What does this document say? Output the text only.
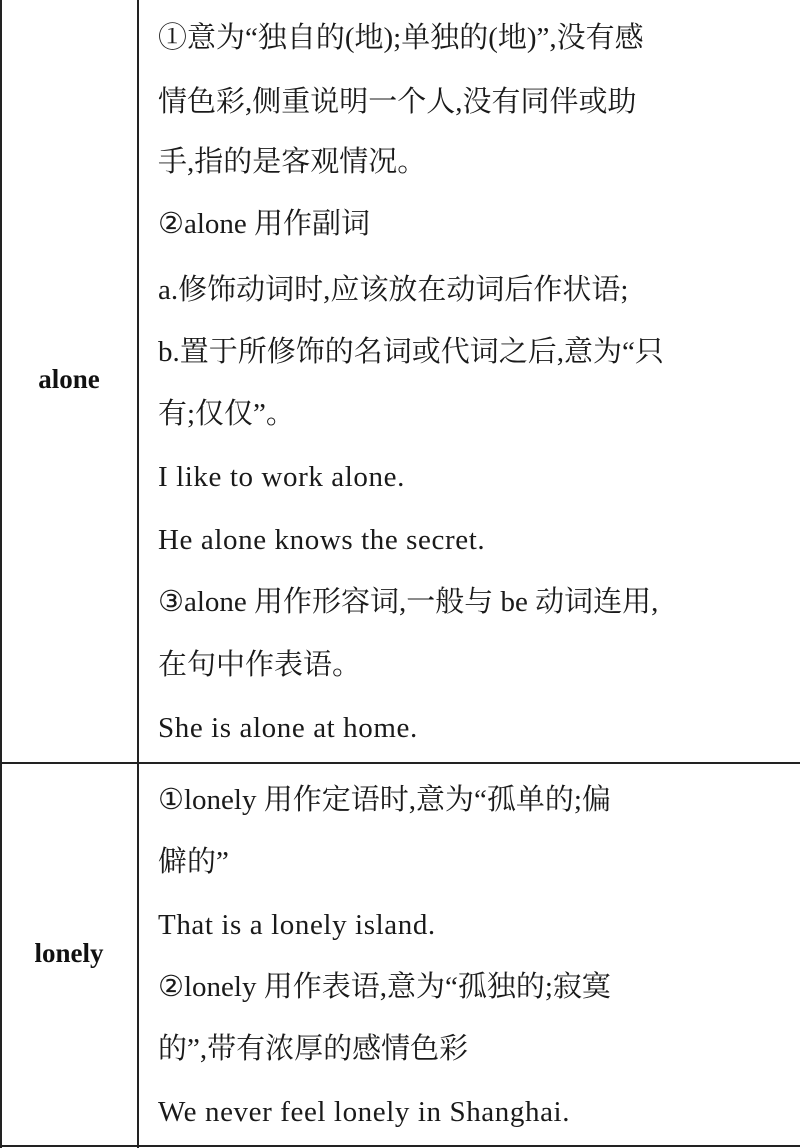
alone
①意为“独自的(地);单独的(地)”,没有感
情色彩,侧重说明一个人,没有同伴或助
手,指的是客观情况。
②alone 用作副词
a.修饰动词时,应该放在动词后作状语;
b.置于所修饰的名词或代词之后,意为“只
有;仅仅”。
I like to work alone.
He alone knows the secret.
③alone 用作形容词,一般与 be 动词连用,
在句中作表语。
She is alone at home.
lonely
①lonely 用作定语时,意为“孤单的;偏
僻的”
That is a lonely island.
②lonely 用作表语,意为“孤独的;寂寞
的”,带有浓厚的感情色彩
We never feel lonely in Shanghai.
